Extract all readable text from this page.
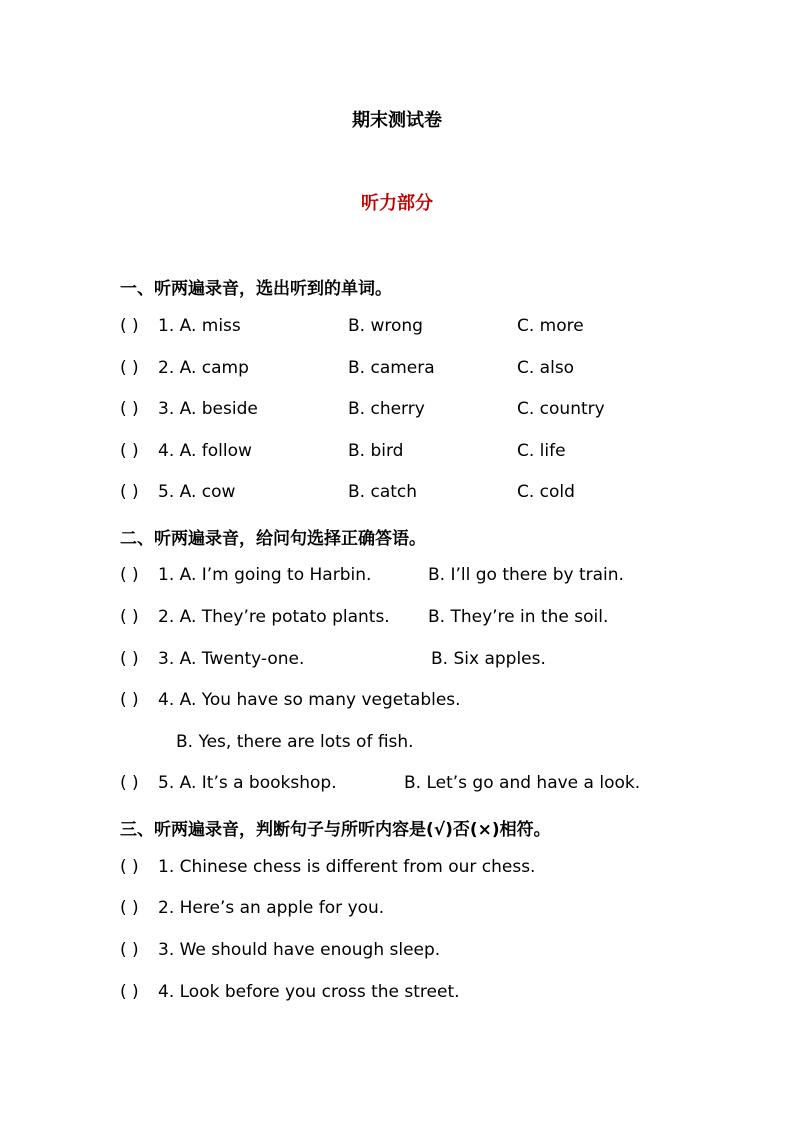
期末测试卷
听力部分
一、听两遍录音，选出听到的单词。
( ) 1. A. miss	B. wrong	C. more
( ) 2. A. camp	B. camera	C. also
( ) 3. A. beside	B. cherry	C. country
( ) 4. A. follow	B. bird	C. life
( ) 5. A. cow	B. catch	C. cold
二、听两遍录音，给问句选择正确答语。
( ) 1. A. I’m going to Harbin.	B. I’ll go there by train.
( ) 2. A. They’re potato plants. B. They’re in the soil.
( ) 3. A. Twenty-one.	B. Six apples.
( ) 4. A. You have so many vegetables.
B. Yes, there are lots of fish.
( ) 5. A. It’s a bookshop.	B. Let’s go and have a look.
三、听两遍录音，判断句子与所听内容是(√)否(×)相符。
( ) 1. Chinese chess is different from our chess.
( ) 2. Here’s an apple for you.
( ) 3. We should have enough sleep.
( ) 4. Look before you cross the street.
